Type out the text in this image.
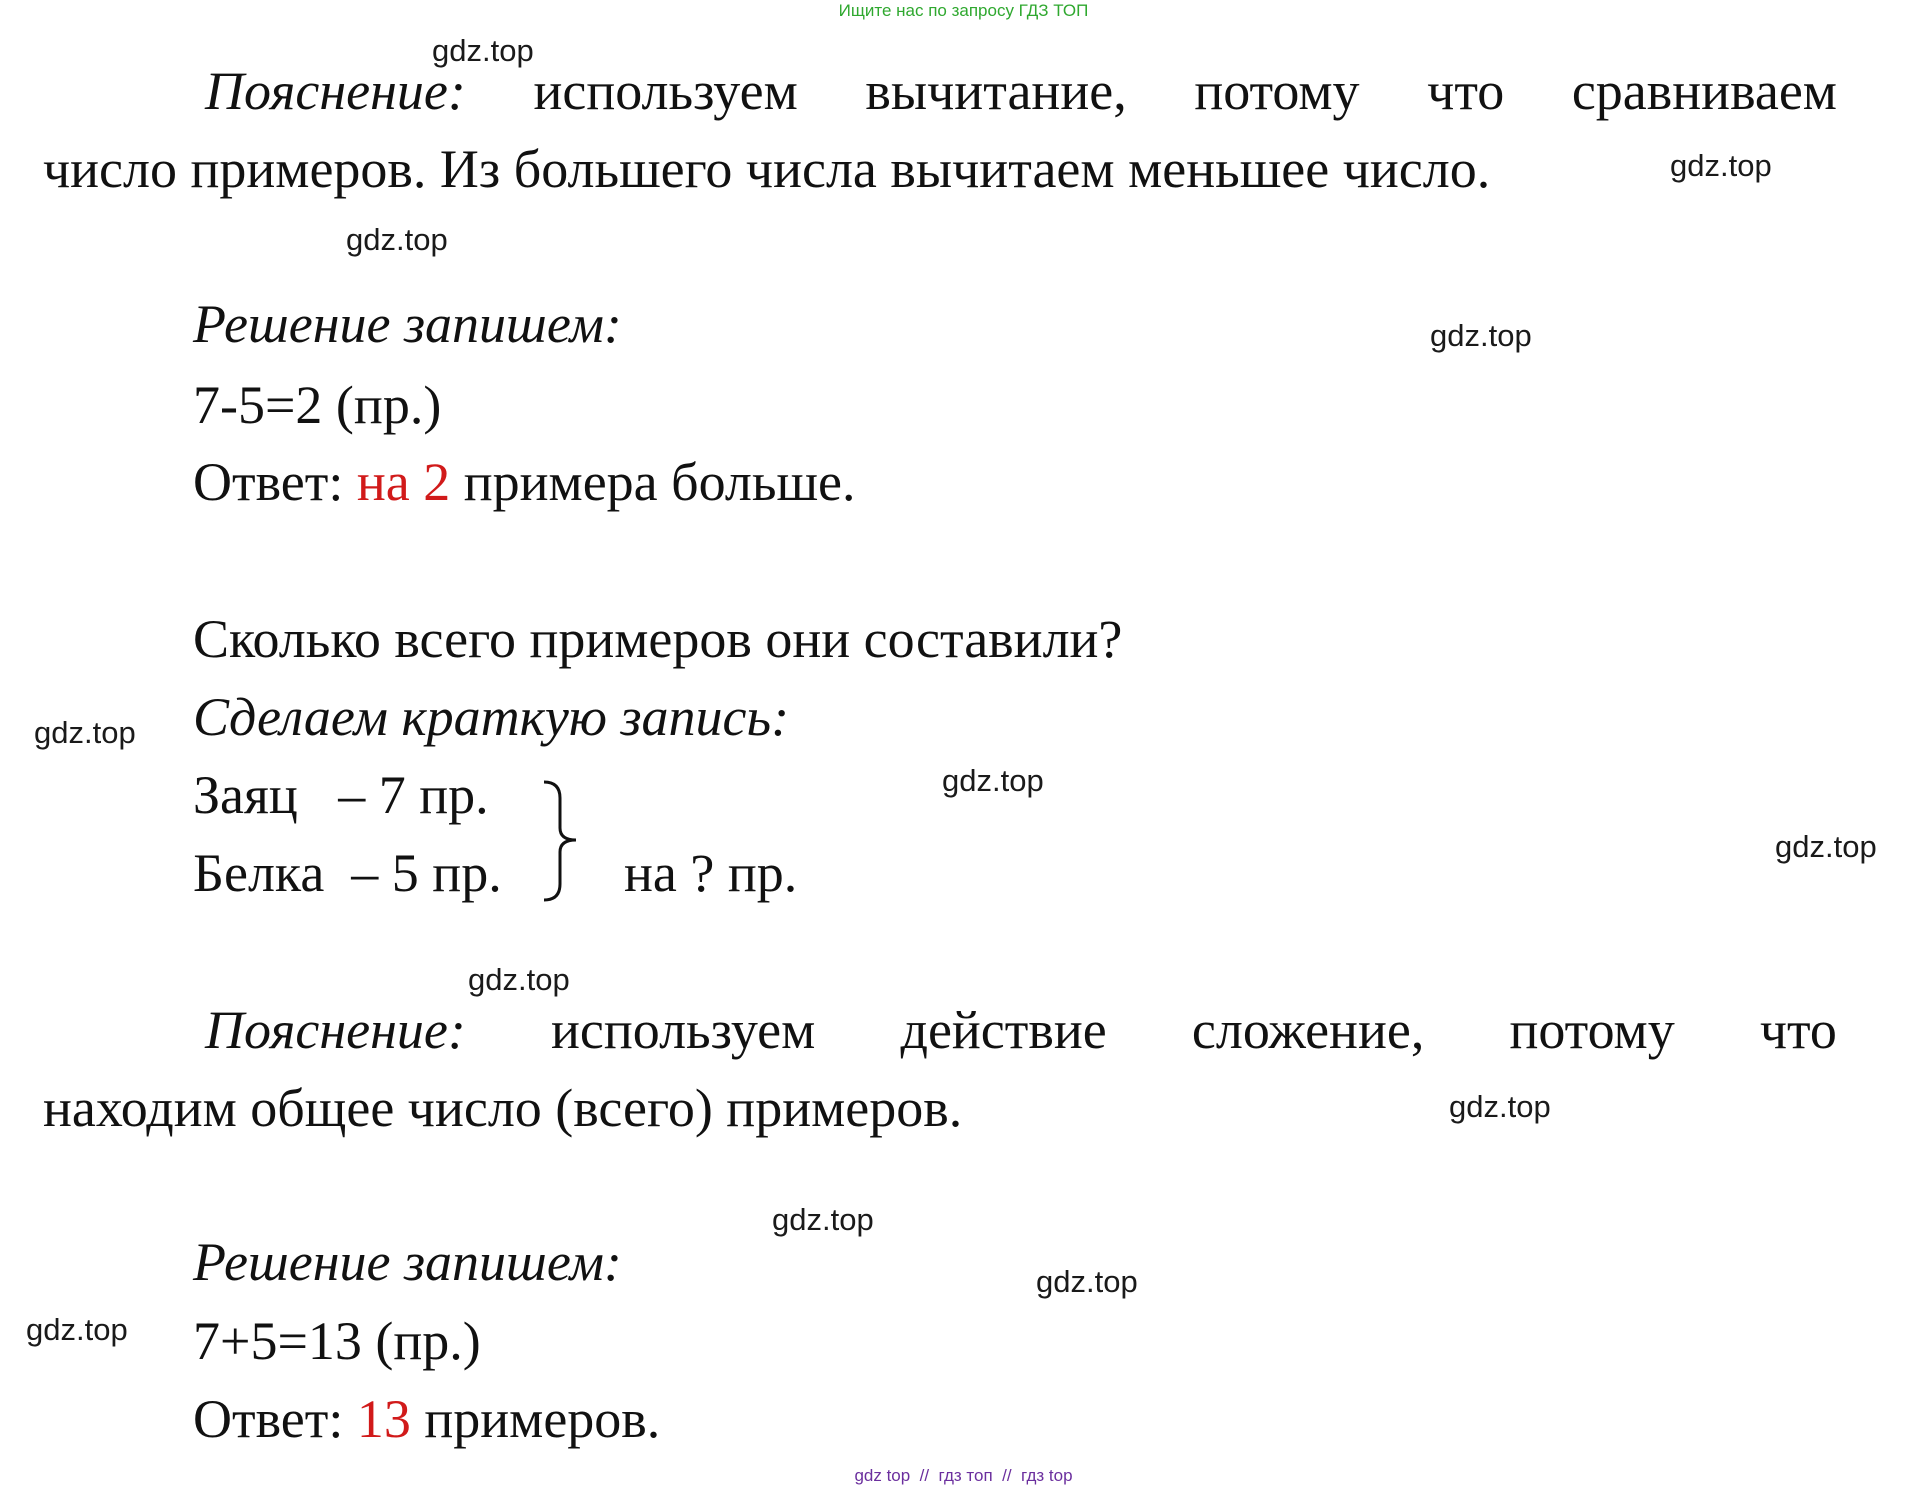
Ищите нас по запросу ГДЗ ТОП
gdz.top
gdz.top
gdz.top
gdz.top
gdz.top
gdz.top
gdz.top
gdz.top
gdz.top
gdz.top
gdz.top
gdz.top
Пояснение: используем вычитание, потому что сравниваем
число примеров. Из большего числа вычитаем меньшее число.
Решение запишем:
7-5=2 (пр.)
Ответ: на 2 примера больше.
Сколько всего примеров они составили?
Сделаем краткую запись:
Заяц   – 7 пр.
Белка  – 5 пр. на ? пр.
Пояснение: используем действие сложение, потому что
находим общее число (всего) примеров.
Решение запишем:
7+5=13 (пр.)
Ответ: 13 примеров.
gdz top  //  гдз топ  //  гдз top
